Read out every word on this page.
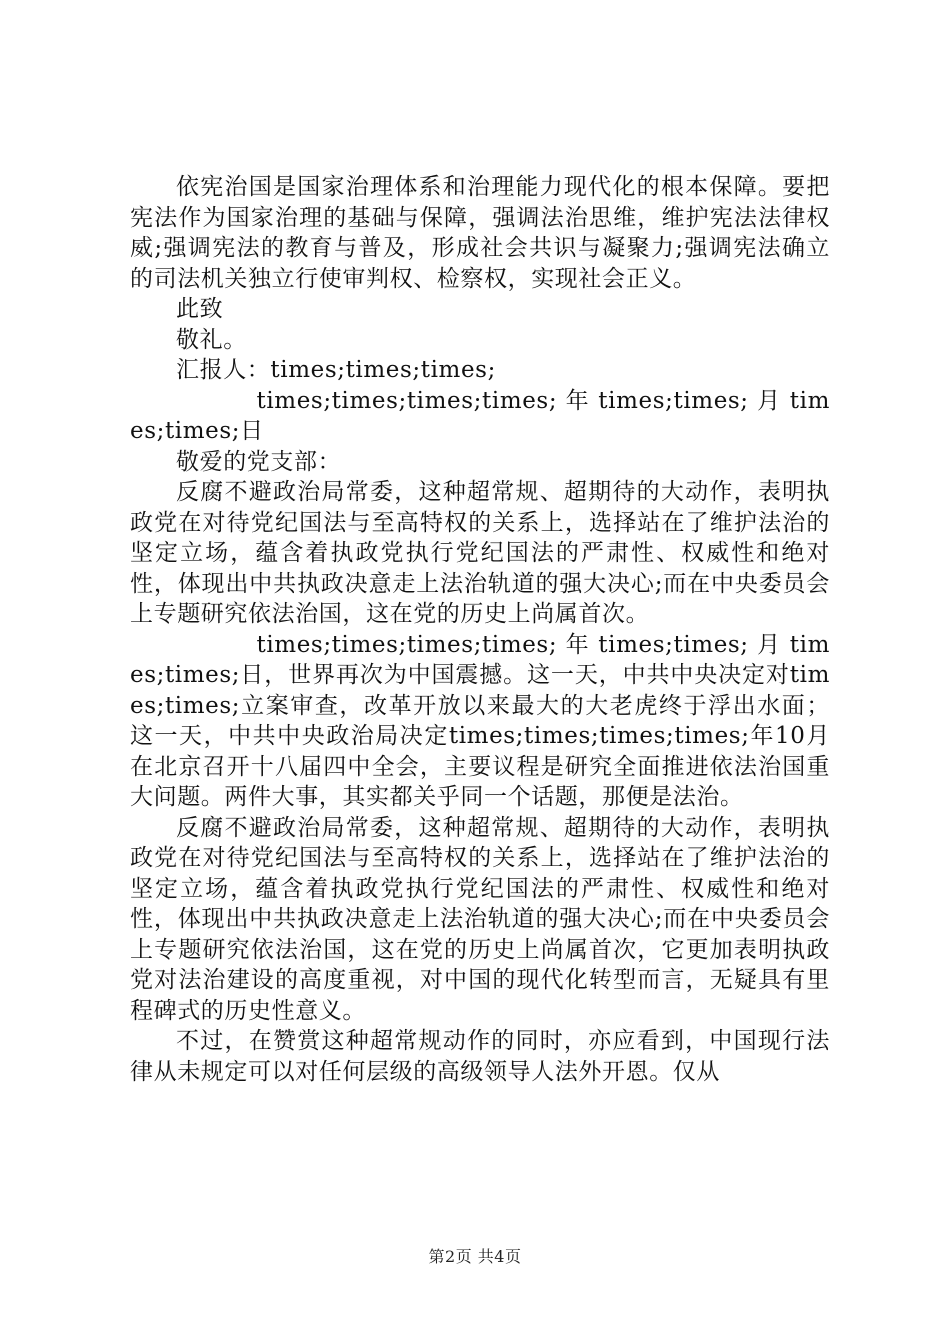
依宪治国是国家治理体系和治理能力现代化的根本保障。要把宪法作为国家治理的基础与保障，强调法治思维，维护宪法法律权威;强调宪法的教育与普及，形成社会共识与凝聚力;强调宪法确立的司法机关独立行使审判权、检察权，实现社会正义。

此致

敬礼。

汇报人：times;times;times;

times;times;times;times; 年 times;times; 月 times;times;日

敬爱的党支部：

反腐不避政治局常委，这种超常规、超期待的大动作，表明执政党在对待党纪国法与至高特权的关系上，选择站在了维护法治的坚定立场，蕴含着执政党执行党纪国法的严肃性、权威性和绝对性，体现出中共执政决意走上法治轨道的强大决心;而在中央委员会上专题研究依法治国，这在党的历史上尚属首次。

times;times;times;times; 年 times;times; 月 times;times;日，世界再次为中国震撼。这一天，中共中央决定对times;times;立案审查，改革开放以来最大的大老虎终于浮出水面；这一天，中共中央政治局决定times;times;times;times;年10月在北京召开十八届四中全会，主要议程是研究全面推进依法治国重大问题。两件大事，其实都关乎同一个话题，那便是法治。

反腐不避政治局常委，这种超常规、超期待的大动作，表明执政党在对待党纪国法与至高特权的关系上，选择站在了维护法治的坚定立场，蕴含着执政党执行党纪国法的严肃性、权威性和绝对性，体现出中共执政决意走上法治轨道的强大决心;而在中央委员会上专题研究依法治国，这在党的历史上尚属首次，它更加表明执政党对法治建设的高度重视，对中国的现代化转型而言，无疑具有里程碑式的历史性意义。

不过，在赞赏这种超常规动作的同时，亦应看到，中国现行法律从未规定可以对任何层级的高级领导人法外开恩。仅从

第2页 共4页
